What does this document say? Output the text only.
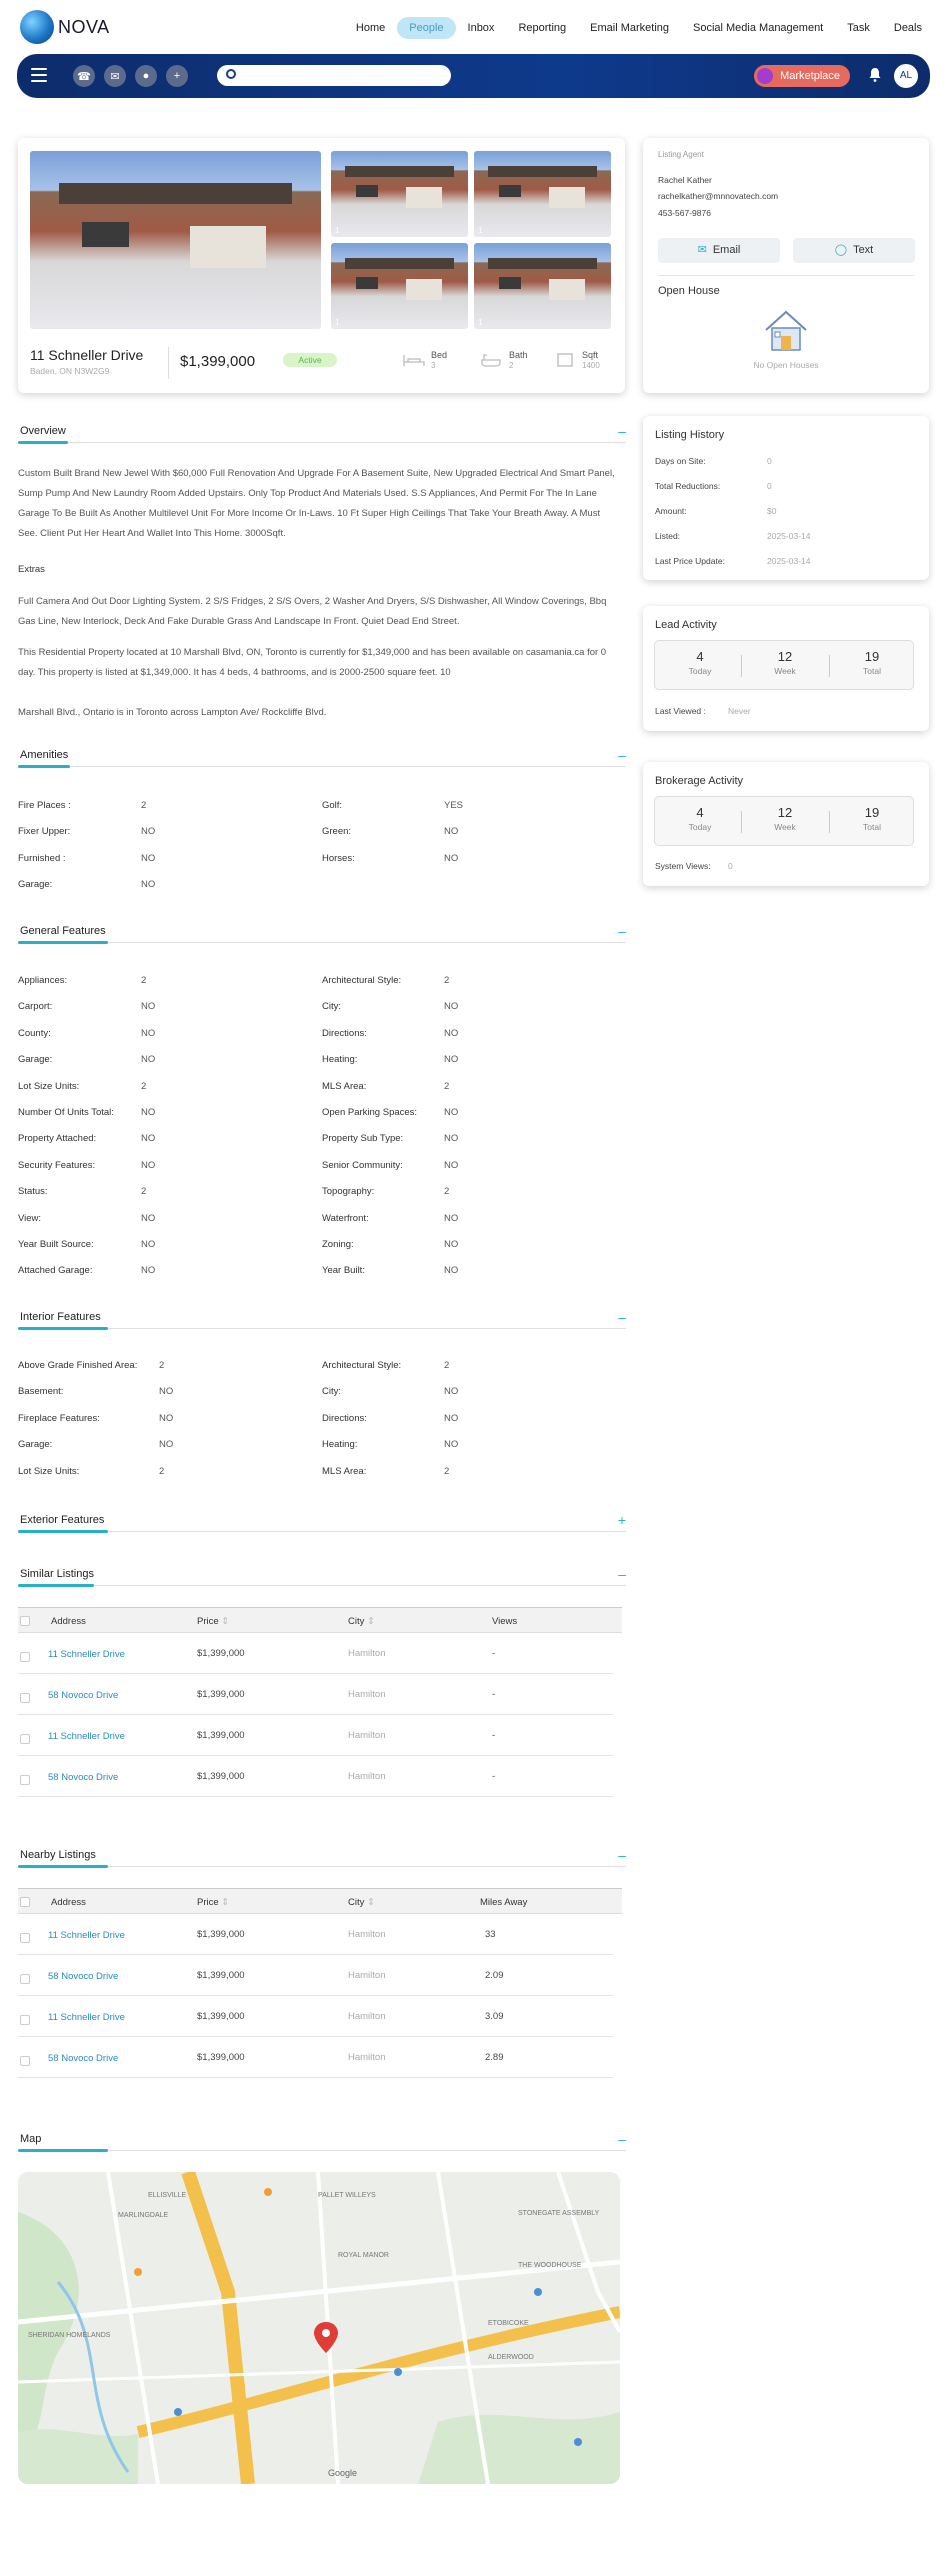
NOVA	Home	People	Inbox	Reporting	Email Marketing	Social Media Management	Task	Deals
☎	✉	●	+	Marketplace	AL
1	1
1	1
11 Schneller Drive
Baden, ON N3W2G9
$1,399,000	Active	Bed
3
Bath
2
Sqft
1400
Listing Agent
Rachel Kather
rachelkather@mnnovatech.com
453-567-9876
✉ Email	◯ Text
Open House
No Open Houses
Listing History
Days on Site:	0
Total Reductions:	0
Amount:	$0
Listed:	2025-03-14
Last Price Update:	2025-03-14
Lead Activity
4
Today
12
Week
19
Total
Last Viewed :	Never
Brokerage Activity
4
Today
12
Week
19
Total
System Views: 0
Overview	–
Custom Built Brand New Jewel With $60,000 Full Renovation And Upgrade For A Basement Suite, New Upgraded Electrical And Smart Panel, Sump Pump And New Laundry Room Added Upstairs. Only Top Product And Materials Used. S.S Appliances, And Permit For The In Lane Garage To Be Built As Another Multilevel Unit For More Income Or In-Laws. 10 Ft Super High Ceilings That Take Your Breath Away. A Must See. Client Put Her Heart And Wallet Into This Home. 3000Sqft.
Extras
Full Camera And Out Door Lighting System. 2 S/S Fridges, 2 S/S Overs, 2 Washer And Dryers, S/S Dishwasher, All Window Coverings, Bbq Gas Line, New Interlock, Deck And Fake Durable Grass And Landscape In Front. Quiet Dead End Street.
This Residential Property located at 10 Marshall Blvd, ON, Toronto is currently for $1,349,000 and has been available on casamania.ca for 0 day. This property is listed at $1,349,000. It has 4 beds, 4 bathrooms, and is 2000-2500 square feet. 10
Marshall Blvd., Ontario is in Toronto across Lampton Ave/ Rockcliffe Blvd.
Amenities	–
Fire Places :	2
Fixer Upper:	NO
Furnished :	NO
Garage:	NO
Golf:	YES
Green:	NO
Horses:	NO
General Features	–
Appliances:	2
Carport:	NO
County:	NO
Garage:	NO
Lot Size Units:	2
Number Of Units Total:	NO
Property Attached:	NO
Security Features:	NO
Status:	2
View:	NO
Year Built Source:	NO
Attached Garage:	NO
Architectural Style:	2
City:	NO
Directions:	NO
Heating:	NO
MLS Area:	2
Open Parking Spaces:	NO
Property Sub Type:	NO
Senior Community:	NO
Topography:	2
Waterfront:	NO
Zoning:	NO
Year Built:	NO
Interior Features	–
Above Grade Finished Area: 2
Basement:	NO
Fireplace Features:	NO
Garage:	NO
Lot Size Units:	2
Architectural Style:	2
City:	NO
Directions:	NO
Heating:	NO
MLS Area:	2
Exterior Features	+
Similar Listings	–
Address	Price ⇕	City ⇕	Views
11 Schneller Drive	$1,399,000	Hamilton	-
58 Novoco Drive	$1,399,000	Hamilton	-
11 Schneller Drive	$1,399,000	Hamilton	-
58 Novoco Drive	$1,399,000	Hamilton	-
Nearby Listings	–
Address	Price ⇕	City ⇕	Miles Away
11 Schneller Drive	$1,399,000	Hamilton	33
58 Novoco Drive	$1,399,000	Hamilton	2.09
11 Schneller Drive	$1,399,000	Hamilton	3.09
58 Novoco Drive	$1,399,000	Hamilton	2.89
Map	–
MARLINGDALE
ELLISVILLE
STONEGATE ASSEMBLY
PALLET WILLEYS
ROYAL MANOR
THE WOODHOUSE
ETOBICOKE
ALDERWOOD
SHERIDAN HOMELANDS
Google
